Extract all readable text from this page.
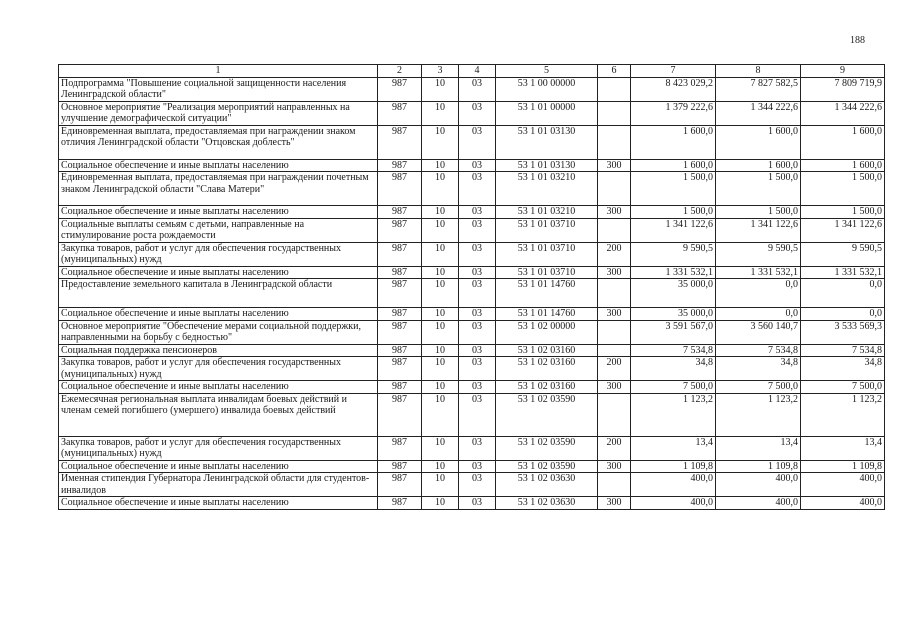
188
1	2	3	4	5	6	7	8	9
Подпрограмма "Повышение социальной защищенности населения Ленинградской области"	987	10	03	53 1 00 00000		8 423 029,2	7 827 582,5	7 809 719,9
Основное мероприятие "Реализация мероприятий направленных на улучшение демографической ситуации"	987	10	03	53 1 01 00000		1 379 222,6	1 344 222,6	1 344 222,6
Единовременная выплата, предоставляемая при награждении знаком отличия Ленинградской области "Отцовская доблесть"	987	10	03	53 1 01 03130		1 600,0	1 600,0	1 600,0
Социальное обеспечение и иные выплаты населению	987	10	03	53 1 01 03130	300	1 600,0	1 600,0	1 600,0
Единовременная выплата, предоставляемая при награждении почетным знаком Ленинградской области "Слава Матери"	987	10	03	53 1 01 03210		1 500,0	1 500,0	1 500,0
Социальное обеспечение и иные выплаты населению	987	10	03	53 1 01 03210	300	1 500,0	1 500,0	1 500,0
Социальные выплаты семьям с детьми, направленные на стимулирование роста рождаемости	987	10	03	53 1 01 03710		1 341 122,6	1 341 122,6	1 341 122,6
Закупка товаров, работ и услуг для обеспечения государственных (муниципальных) нужд	987	10	03	53 1 01 03710	200	9 590,5	9 590,5	9 590,5
Социальное обеспечение и иные выплаты населению	987	10	03	53 1 01 03710	300	1 331 532,1	1 331 532,1	1 331 532,1
Предоставление земельного капитала в Ленинградской области	987	10	03	53 1 01 14760		35 000,0	0,0	0,0
Социальное обеспечение и иные выплаты населению	987	10	03	53 1 01 14760	300	35 000,0	0,0	0,0
Основное мероприятие "Обеспечение мерами социальной поддержки, направленными на борьбу с бедностью"	987	10	03	53 1 02 00000		3 591 567,0	3 560 140,7	3 533 569,3
Социальная поддержка пенсионеров	987	10	03	53 1 02 03160		7 534,8	7 534,8	7 534,8
Закупка товаров, работ и услуг для обеспечения государственных (муниципальных) нужд	987	10	03	53 1 02 03160	200	34,8	34,8	34,8
Социальное обеспечение и иные выплаты населению	987	10	03	53 1 02 03160	300	7 500,0	7 500,0	7 500,0
Ежемесячная региональная выплата инвалидам боевых действий и членам семей погибшего (умершего) инвалида боевых действий	987	10	03	53 1 02 03590		1 123,2	1 123,2	1 123,2
Закупка товаров, работ и услуг для обеспечения государственных (муниципальных) нужд	987	10	03	53 1 02 03590	200	13,4	13,4	13,4
Социальное обеспечение и иные выплаты населению	987	10	03	53 1 02 03590	300	1 109,8	1 109,8	1 109,8
Именная стипендия Губернатора Ленинградской области для студентов-инвалидов	987	10	03	53 1 02 03630		400,0	400,0	400,0
Социальное обеспечение и иные выплаты населению	987	10	03	53 1 02 03630	300	400,0	400,0	400,0
